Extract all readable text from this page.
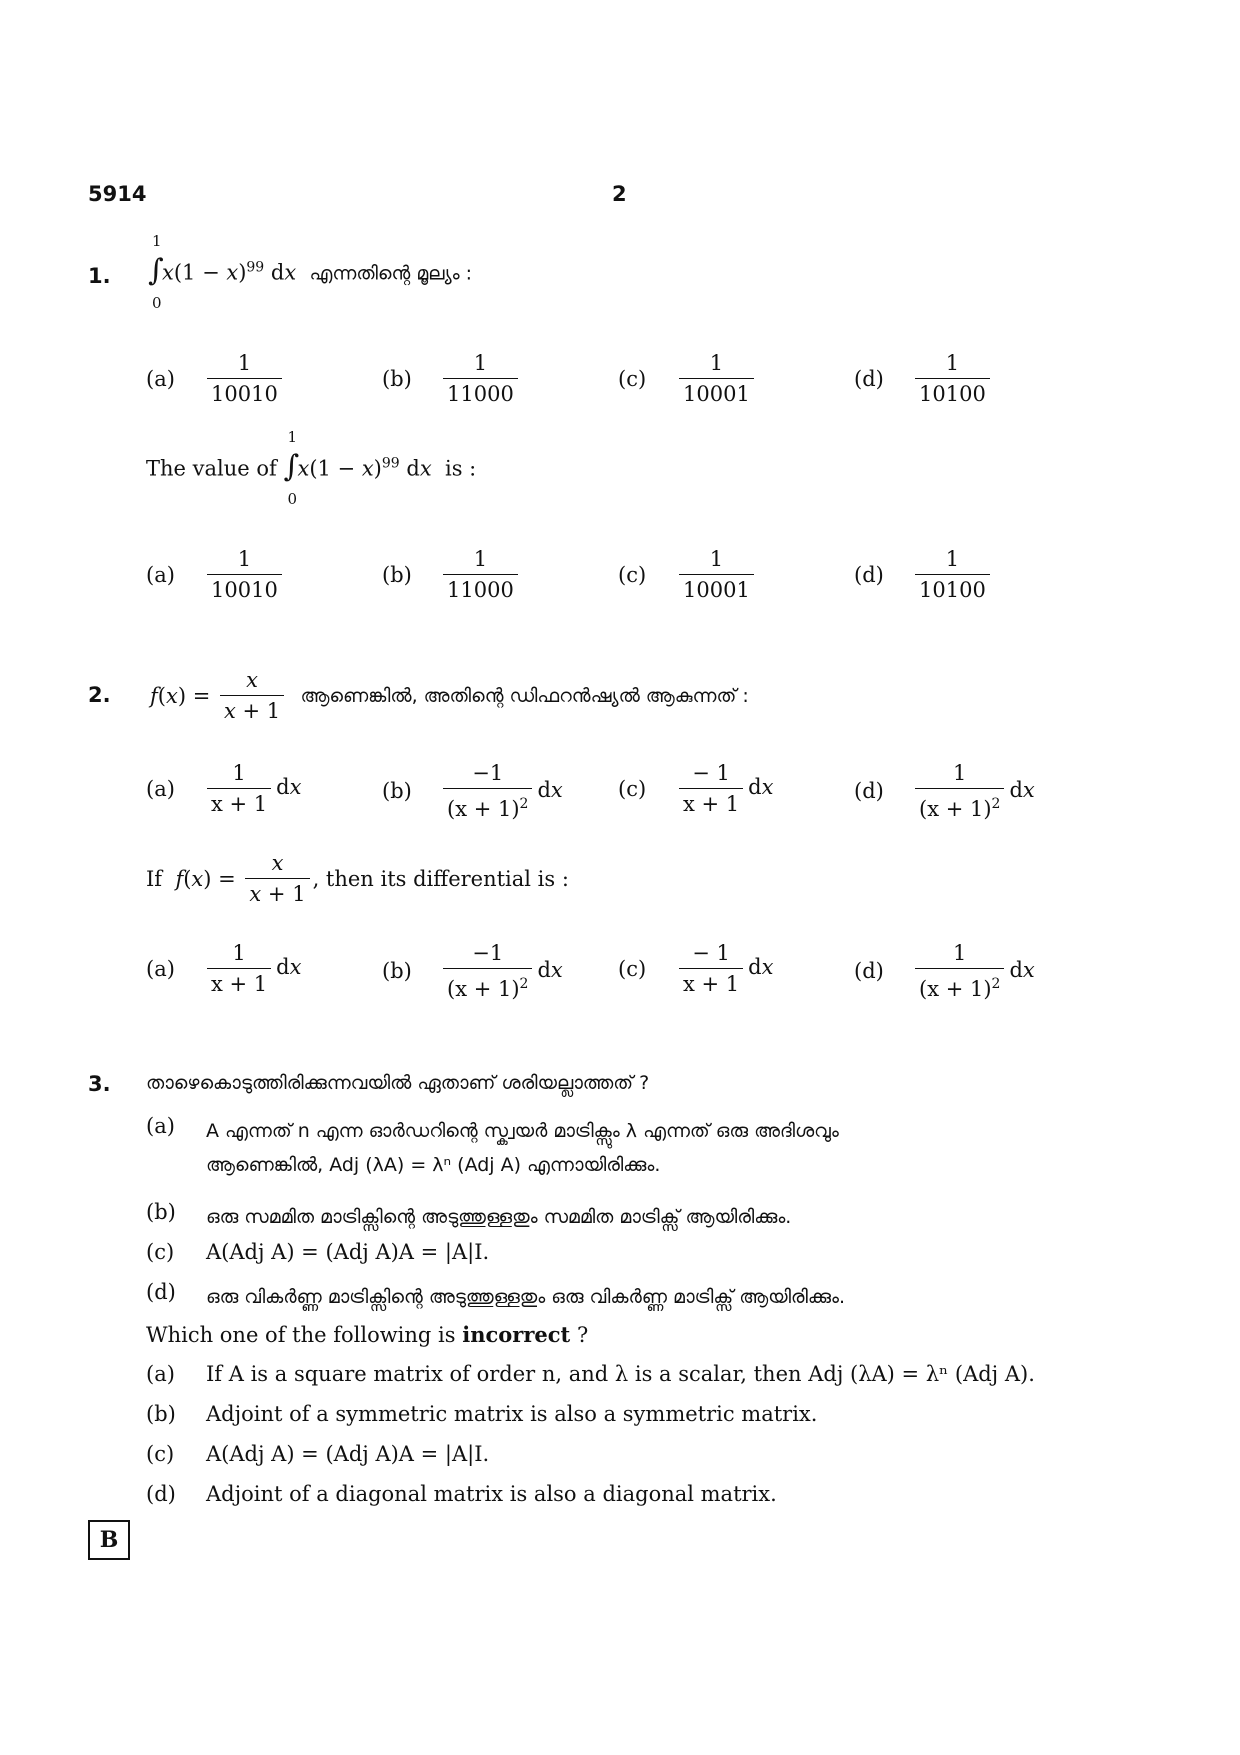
5914	2
1.
1
∫
0
$x(1 - x)^{99}$ dx എന്നതിന്റെ മൂല്യം :
(a)	$\frac{1}{10010}$	(b)	$\frac{1}{11000}$	(c)	$\frac{1}{10001}$	(d)	$\frac{1}{10100}$
The value of
1
∫
0
$x(1 - x)^{99}$ dx is :
(a)	$\frac{1}{10010}$	(b)	$\frac{1}{11000}$	(c)	$\frac{1}{10001}$	(d)	$\frac{1}{10100}$
2. f ( x ) = $\frac{x}{x + 1}$
ആണെങ്കിൽ, അതിന്റെ ഡിഫറൻഷ്യൽ ആകുന്നത് :
(a)	$\frac{1}{x + 1}$ dx	(b)	$\frac{-1}{(x + 1)^2}$ dx	(c)	$\frac{- 1}{x + 1}$ dx	(d)	$\frac{1}{(x + 1)^2}$ dx
If
f ( x ) = $\frac{x}{x + 1}$ , then its differential is :
(a)	$\frac{1}{x + 1}$ dx	(b)	$\frac{-1}{(x + 1)^2}$ dx	(c)	$\frac{- 1}{x + 1}$ dx	(d)	$\frac{1}{(x + 1)^2}$ dx
3. താഴെകൊടുത്തിരിക്കുന്നവയിൽ ഏതാണ് ശരിയല്ലാത്തത് ?
(a)	A എന്നത് n എന്ന ഓർഡറിന്റെ സ്ക്വയർ മാട്രിക്സും λ എന്നത് ഒരു അദിശവും
ആണെങ്കിൽ, Adj (λA) = λⁿ (Adj A) എന്നായിരിക്കും.
(b)	ഒരു സമമിത മാട്രിക്സിന്റെ അടുത്തുള്ളതും സമമിത മാട്രിക്സ് ആയിരിക്കും.
(c)	A(Adj A) = (Adj A)A = |A|I.
(d)	ഒരു വികർണ്ണ മാട്രിക്സിന്റെ അടുത്തുള്ളതും ഒരു വികർണ്ണ മാട്രിക്സ് ആയിരിക്കും.
Which one of the following is incorrect ?
(a)	If A is a square matrix of order n, and λ is a scalar, then Adj (λA) = λⁿ (Adj A).
(b)	Adjoint of a symmetric matrix is also a symmetric matrix.
(c)	A(Adj A) = (Adj A)A = |A|I.
(d)	Adjoint of a diagonal matrix is also a diagonal matrix.
B
